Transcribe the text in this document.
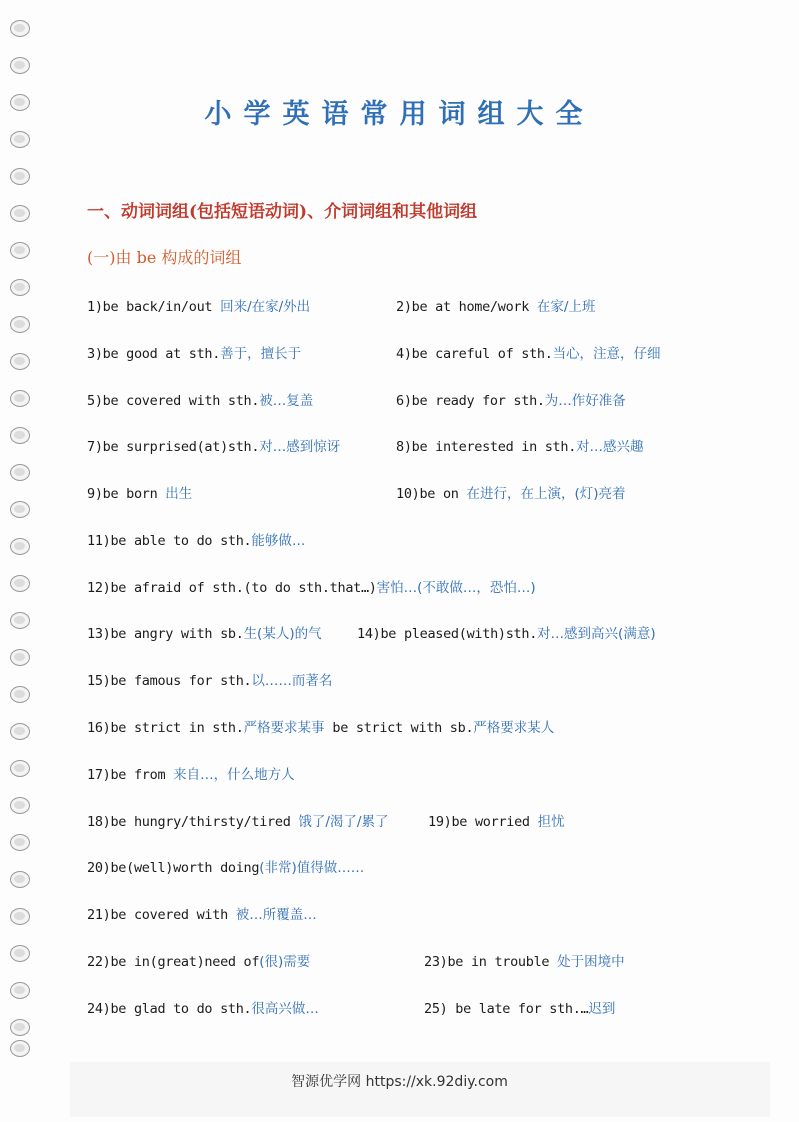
小学英语常用词组大全
一、动词词组(包括短语动词)、介词词组和其他词组
(一)由 be 构成的词组
1)be back/in/out 回来/在家/外出	2)be at home/work 在家/上班
3)be good at sth.善于，擅长于	4)be careful of sth.当心，注意，仔细
5)be covered with sth.被…复盖	6)be ready for sth.为…作好准备
7)be surprised(at)sth.对…感到惊讶	8)be interested in sth.对…感兴趣
9)be born 出生	10)be on 在进行，在上演，(灯)亮着
11)be able to do sth.能够做…
12)be afraid of sth.(to do sth.that…)害怕…(不敢做…，恐怕…)
13)be angry with sb.生(某人)的气	14)be pleased(with)sth.对…感到高兴(满意)
15)be famous for sth.以……而著名
16)be strict in sth.严格要求某事 be strict with sb.严格要求某人
17)be from 来自…，什么地方人
18)be hungry/thirsty/tired 饿了/渴了/累了	19)be worried 担忧
20)be(well)worth doing(非常)值得做……
21)be covered with 被…所覆盖…
22)be in(great)need of(很)需要	23)be in trouble 处于困境中
24)be glad to do sth.很高兴做…	25) be late for sth.…迟到
智源优学网 https://xk.92diy.com
